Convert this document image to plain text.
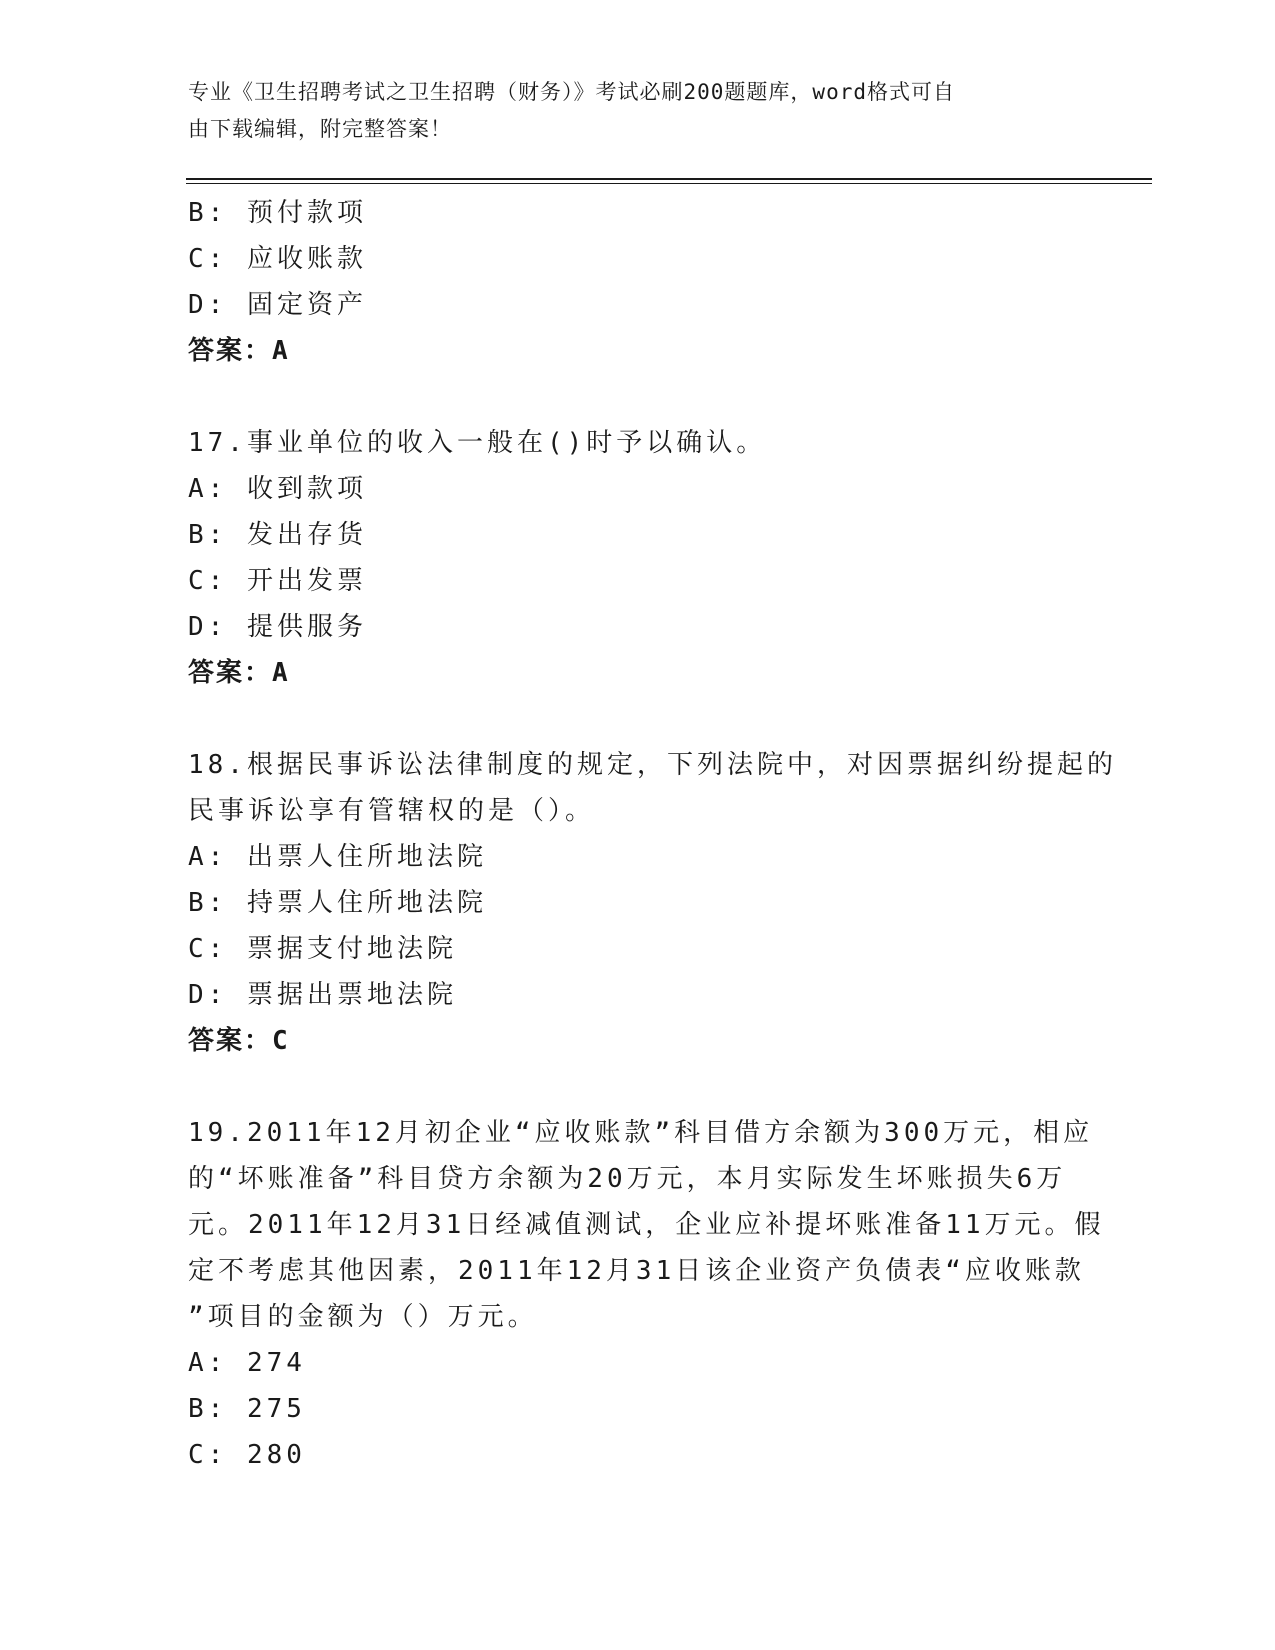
专业《卫生招聘考试之卫生招聘（财务）》考试必刷200题题库，word格式可自
由下载编辑，附完整答案！
B: 预付款项
C: 应收账款
D: 固定资产
答案：A
17.事业单位的收入一般在()时予以确认。
A: 收到款项
B: 发出存货
C: 开出发票
D: 提供服务
答案：A
18.根据民事诉讼法律制度的规定，下列法院中，对因票据纠纷提起的
民事诉讼享有管辖权的是（）。
A: 出票人住所地法院
B: 持票人住所地法院
C: 票据支付地法院
D: 票据出票地法院
答案：C
19.2011年12月初企业“应收账款”科目借方余额为300万元，相应
的“坏账准备”科目贷方余额为20万元，本月实际发生坏账损失6万
元。2011年12月31日经减值测试，企业应补提坏账准备11万元。假
定不考虑其他因素，2011年12月31日该企业资产负债表“应收账款
”项目的金额为（）万元。
A: 274
B: 275
C: 280
